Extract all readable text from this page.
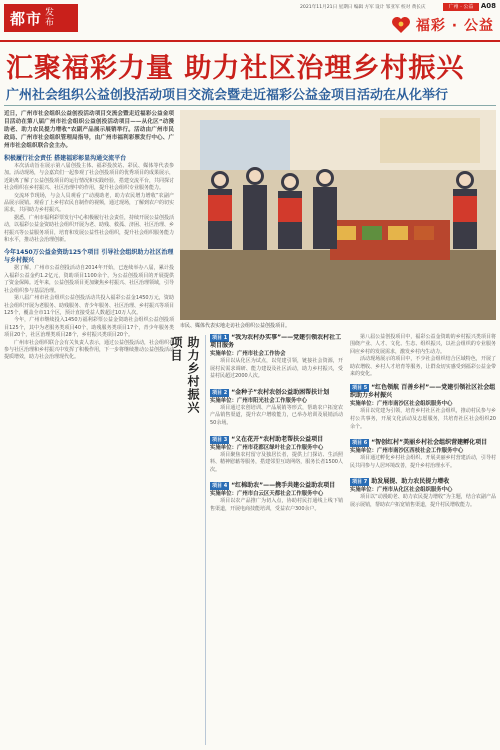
都市 发布
2021年11月21日 星期日 编辑 方军 设计 邹亚军 校对 黄长庆	广州 · 公益	A08
福彩 · 公益
汇聚福彩力量 助力社区治理乡村振兴
广州社会组织公益创投活动项目交流会暨走近福彩公益金项目活动在从化举行

近日，广州市社会组织公益创投活动项目交流会暨走近福彩公益金项目活动在第八届广州市社会组织公益创投活动项目——从化区“动漫助老、助力农民提力增收”农副产品展示展销举行。活动由广州市民政局、广州市社会组织管理局指导，由广州市福利彩票发行中心、广州市社会组织联合会主办。

积极履行社会责任 搭建福彩彰显沟通交流平台

本次活动旨在展示第八届创投主体、福彩投放站、彩民、媒体等代表参加。活动现场，与会嘉宾们一起参观了社会创投项目的优秀项目的成果展示，近距离了解了公益创投项目的运行情况和实践经验，搭建交流平台，共同探讨社会组织在乡村振兴、社区治理中的作用，提升社会组织专业服务能力。

交流环节现场，与会人员观看了“动漫助老，助力农民增力增收”农副产品展示展销。观看了上乡村农民自制作的视频，通过现场，了解到农户的切实需求，共同助力乡村振兴。

据悉，广州市福利彩票发行中心积极履行社会责任，持续开展公益创投活动，以福彩公益金资助社会组织开展为老、助残、救孤、济困、社区治理、乡村振兴等公益服务项目，培育和发展公益性社会组织，提升社会组织服务能力和水平，推动社会治理创新。

今年1450万公益金资助125个项目 引导社会组织助力社区治理与乡村振兴

据了解，广州市公益创投活动自2014年开始，已连续举办八届，累计投入福彩公益金约1.2亿元，资助项目1100余个，为公益创投项目的开展提供了资金保障。近年来，公益创投项目更加聚焦乡村振兴、社区治理领域，引导社会组织参与基层治理。

第八届广州市社会组织公益创投活动共投入福彩公益金1450万元，资助社会组织开展为老服务、助残服务、青少年服务、社区治理、乡村振兴等项目125个，覆盖全市11个区，预计直接受益人数超过10万人次。

今年，广州市继续投入1450万福利彩票公益金资助社会组织公益创投项目125个，其中为老服务类项目40个，助残服务类项目17个，青少年服务类项目20个，社区治理类项目28个，乡村振兴类项目20个。

广州市社会组织联合会有关负责人表示，通过公益创投活动，社会组织在参与社区治理和乡村振兴中发挥了积极作用，下一步将继续推动公益创投活动提质增效，助力社会治理现代化。

市民、媒体代表实地走访社会组织公益创投项目。
助力乡村振兴项目	项目 1 “我为农村办实事”——党建引领农村社工项目服务
实施单位：广州市社会工作协会
项目以从化区为试点，以党建引领，链接社会资源，开展村民需求调研、能力建设及社区活动，助力乡村振兴，受益村民超过2000人次。
项目 2 “金种子”农村农创公益助困帮扶计划
实施单位：广州市阳光社会工作服务中心
项目通过农创培训、产品展销等形式，帮助农户拓宽农产品销售渠道，提升农户增收能力，已举办培训及展销活动50余场。
项目 3 “义在花开”农村助老帮扶公益项目
实施单位：广州市花都区绿叶社会工作服务中心
项目聚焦农村留守及独居长者，提供上门探访、生活照料、精神慰藉等服务，搭建邻里互助网络，服务长者1500人次。
项目 4 “红棉助农”——携手共建公益助农项目
实施单位：广州市白云区天都社会工作服务中心
项目以农产品推广为切入点，协助村民打通线上线下销售渠道，开展电商技能培训，受益农户300余户。

第八届公益创投项目中，福彩公益金资助的乡村振兴类项目将围绕产业、人才、文化、生态、组织振兴，以社会组织的专业服务回应乡村的发展需求，激发乡村内生动力。

活动现场展示的项目中，不少社会组织结合区域特色，开展了助农增收、乡村人才培育等服务，让群众切实感受到福彩公益金带来的变化。

项目 5 “红色领航 百善乡村”——党建引领社区社会组织助力乡村振兴
实施单位：广州市南沙区社会组织服务中心
项目以党建为引领，培育乡村社区社会组织，推动村民参与乡村公共事务，开展文化活动及志愿服务，共培育社区社会组织20余个。
项目 6 “智创红村”美丽乡村社会组织营建孵化项目
实施单位：广州市南沙区西枝社会工作服务中心
项目通过孵化乡村社会组织、开展美丽乡村营建活动，引导村民共同参与人居环境改善，提升乡村治理水平。
项目 7 助发展提、助力农民提力增收
实施单位：广州市从化区社会组织服务中心
项目以“动漫助老、助力农民提力增收”为主题，结合农副产品展示展销，帮助农户拓宽销售渠道，提升村民增收能力。
